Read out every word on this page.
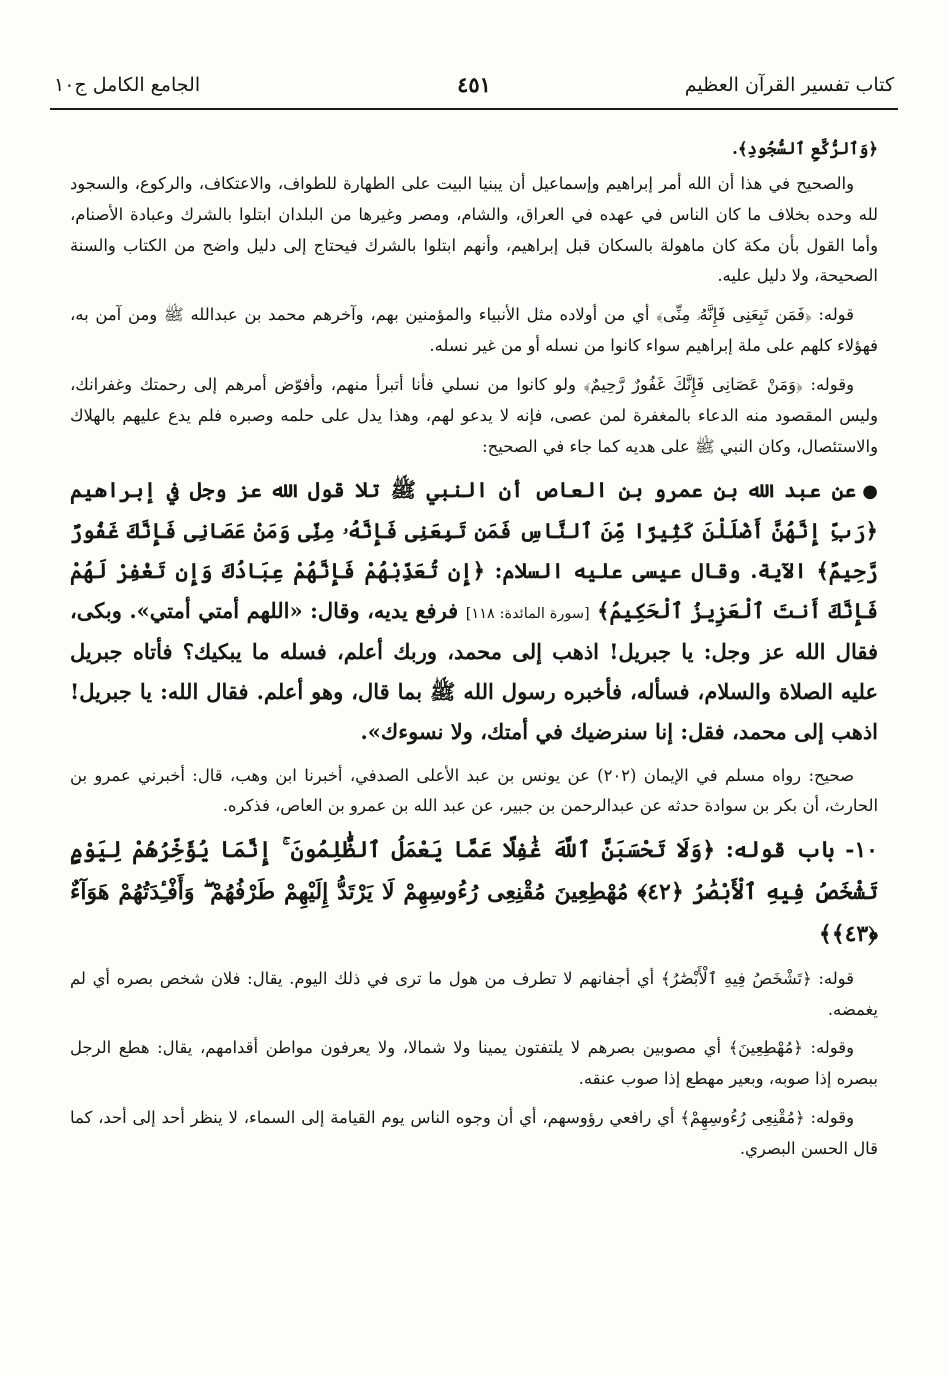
كتاب تفسير القرآن العظيم
٤٥١
الجامع الكامل ج١٠

﴿وَٱلرُّكَّعِ ٱلسُّجُودِ﴾.

والصحيح في هذا أن الله أمر إبراهيم وإسماعيل أن يبنيا البيت على الطهارة للطواف، والاعتكاف، والركوع، والسجود لله وحده بخلاف ما كان الناس في عهده في العراق، والشام، ومصر وغيرها من البلدان ابتلوا بالشرك وعبادة الأصنام، وأما القول بأن مكة كان ماهولة بالسكان قبل إبراهيم، وأنهم ابتلوا بالشرك فيحتاج إلى دليل واضح من الكتاب والسنة الصحيحة، ولا دليل عليه.

قوله: ﴿فَمَن تَبِعَنِى فَإِنَّهُۥ مِنِّى﴾ أي من أولاده مثل الأنبياء والمؤمنين بهم، وآخرهم محمد بن عبدالله ﷺ ومن آمن به، فهؤلاء كلهم على ملة إبراهيم سواء كانوا من نسله أو من غير نسله.

وقوله: ﴿وَمَنْ عَصَانِى فَإِنَّكَ غَفُورٌ رَّحِيمٌ﴾ ولو كانوا من نسلي فأنا أتبرأ منهم، وأفوّض أمرهم إلى رحمتك وغفرانك، وليس المقصود منه الدعاء بالمغفرة لمن عصى، فإنه لا يدعو لهم، وهذا يدل على حلمه وصبره فلم يدع عليهم بالهلاك والاستئصال، وكان النبي ﷺ على هديه كما جاء في الصحيح:

●عن عبد الله بن عمرو بن العاص أن النبي ﷺ تلا قول الله عز وجل في إبراهيم ﴿رَبِّ إِنَّهُنَّ أَضْلَلْنَ كَثِيرًا مِّنَ ٱلنَّاسِ فَمَن تَبِعَنِى فَإِنَّهُۥ مِنِّى وَمَنْ عَصَانِى فَإِنَّكَ غَفُورٌ رَّحِيمٌ﴾ الآية. وقال عيسى عليه السلام: ﴿إِن تُعَذِّبْهُمْ فَإِنَّهُمْ عِبَادُكَ وَإِن تَغْفِرْ لَهُمْ فَإِنَّكَ أَنتَ ٱلْعَزِيزُ ٱلْحَكِيمُ﴾ [سورة المائدة: ١١٨] فرفع يديه، وقال: «اللهم أمتي أمتي». وبكى، فقال الله عز وجل: يا جبريل! اذهب إلى محمد، وربك أعلم، فسله ما يبكيك؟ فأتاه جبريل عليه الصلاة والسلام، فسأله، فأخبره رسول الله ﷺ بما قال، وهو أعلم. فقال الله: يا جبريل! اذهب إلى محمد، فقل: إنا سنرضيك في أمتك، ولا نسوءك».

صحيح: رواه مسلم في الإيمان (٢٠٢) عن يونس بن عبد الأعلى الصدفي، أخبرنا ابن وهب، قال: أخبرني عمرو بن الحارث، أن بكر بن سوادة حدثه عن عبدالرحمن بن جبير، عن عبد الله بن عمرو بن العاص، فذكره.

١٠- باب قوله: ﴿وَلَا تَحْسَبَنَّ ٱللَّهَ غَٰفِلًا عَمَّا يَعْمَلُ ٱلظَّٰلِمُونَ ۚ إِنَّمَا يُؤَخِّرُهُمْ لِيَوْمٍ تَشْخَصُ فِيهِ ٱلْأَبْصَٰرُ ﴿٤٢﴾ مُهْطِعِينَ مُقْنِعِى رُءُوسِهِمْ لَا يَرْتَدُّ إِلَيْهِمْ طَرْفُهُمْ ۖ وَأَفْـِٔدَتُهُمْ هَوَآءٌ ﴿٤٣﴾﴾

قوله: ﴿تَشْخَصُ فِيهِ ٱلْأَبْصَٰرُ﴾ أي أجفانهم لا تطرف من هول ما ترى في ذلك اليوم. يقال: فلان شخص بصره أي لم يغمضه.

وقوله: ﴿مُهْطِعِينَ﴾ أي مصوبين بصرهم لا يلتفتون يمينا ولا شمالا، ولا يعرفون مواطن أقدامهم، يقال: هطع الرجل ببصره إذا صوبه، وبعير مهطع إذا صوب عنقه.

وقوله: ﴿مُقْنِعِى رُءُوسِهِمْ﴾ أي رافعي رؤوسهم، أي أن وجوه الناس يوم القيامة إلى السماء، لا ينظر أحد إلى أحد، كما قال الحسن البصري.
